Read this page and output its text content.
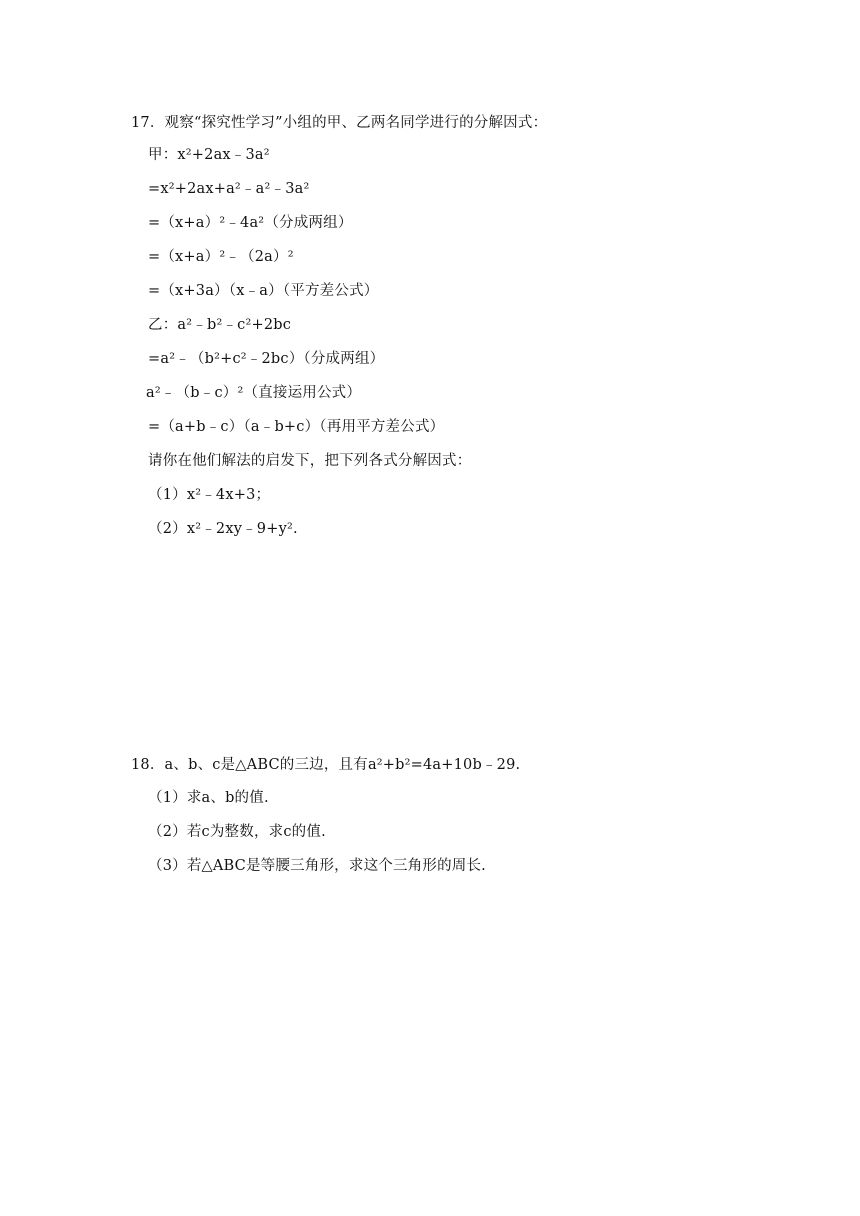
17．观察“探究性学习”小组的甲、乙两名同学进行的分解因式：
甲：x²+2ax﹣3a²
=x²+2ax+a²﹣a²﹣3a²
=（x+a）²﹣4a²（分成两组）
=（x+a）²﹣（2a）²
=（x+3a）（x﹣a）（平方差公式）
乙：a²﹣b²﹣c²+2bc
=a²﹣（b²+c²﹣2bc）（分成两组）
a²﹣（b﹣c）²（直接运用公式）
=（a+b﹣c）（a﹣b+c）（再用平方差公式）
请你在他们解法的启发下，把下列各式分解因式：
（1）x²﹣4x+3；
（2）x²﹣2xy﹣9+y².
18．a、b、c是△ABC的三边，且有a²+b²=4a+10b﹣29.
（1）求a、b的值.
（2）若c为整数，求c的值.
（3）若△ABC是等腰三角形，求这个三角形的周长.
